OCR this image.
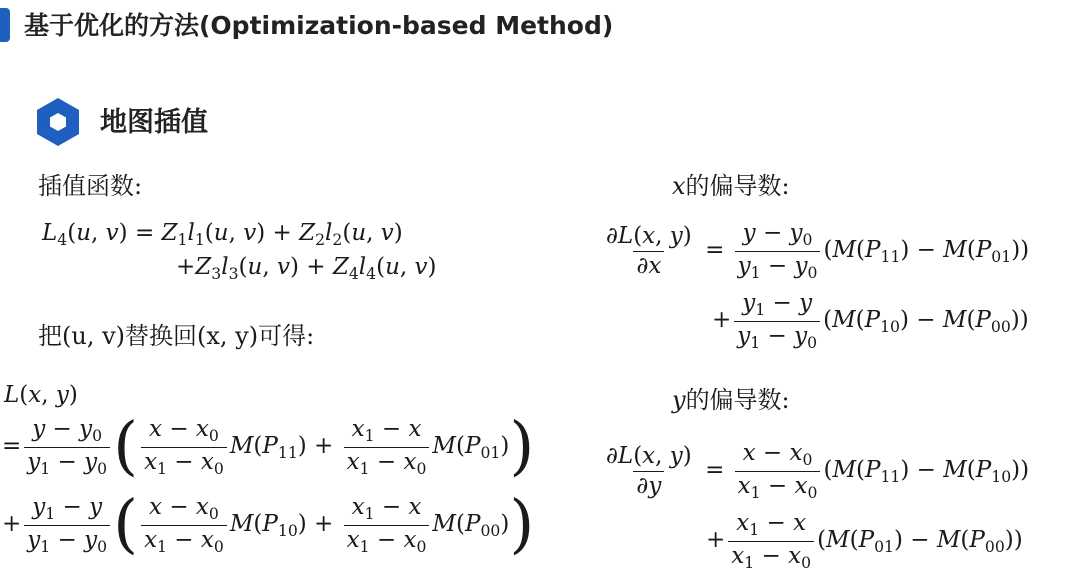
基于优化的方法(Optimization-based Method)
地图插值
插值函数:
把(u, v)替换回(x, y)可得:
$L_4(u$, $v) = Z_1l_1(u$, $v) + Z_2l_2(u$, v)
$+Z_3l_3(u$, $v) + Z_4l_4(u$, v)
L(x, y)
= $\frac{y - y_0}{y_1 - y_0}$ ( $\frac{x - x_0}{x_1 - x_0} M(P_{11}) + \frac{x_1 - x}{x_1 - x_0} M(P_{01})$)
+ $\frac{y_1 - y}{y_1 - y_0}$ ( $\frac{x - x_0}{x_1 - x_0} M(P_{10}) + \frac{x_1 - x}{x_1 - x_0} M(P_{00})$)
x的偏导数:
y的偏导数:
$\frac{\partial L(x, y)}{\partial x} = \frac{y - y_0}{y_1 - y_0} (M(P_{11}) - M(P_{01}))$
+ $\frac{y_1 - y}{y_1 - y_0} (M(P_{10}) - M(P_{00}))$
$\frac{\partial L(x, y)}{\partial y} = \frac{x - x_0}{x_1 - x_0} (M(P_{11}) - M(P_{10}))$
+ $\frac{x_1 - x}{x_1 - x_0} (M(P_{01}) - M(P_{00}))$
